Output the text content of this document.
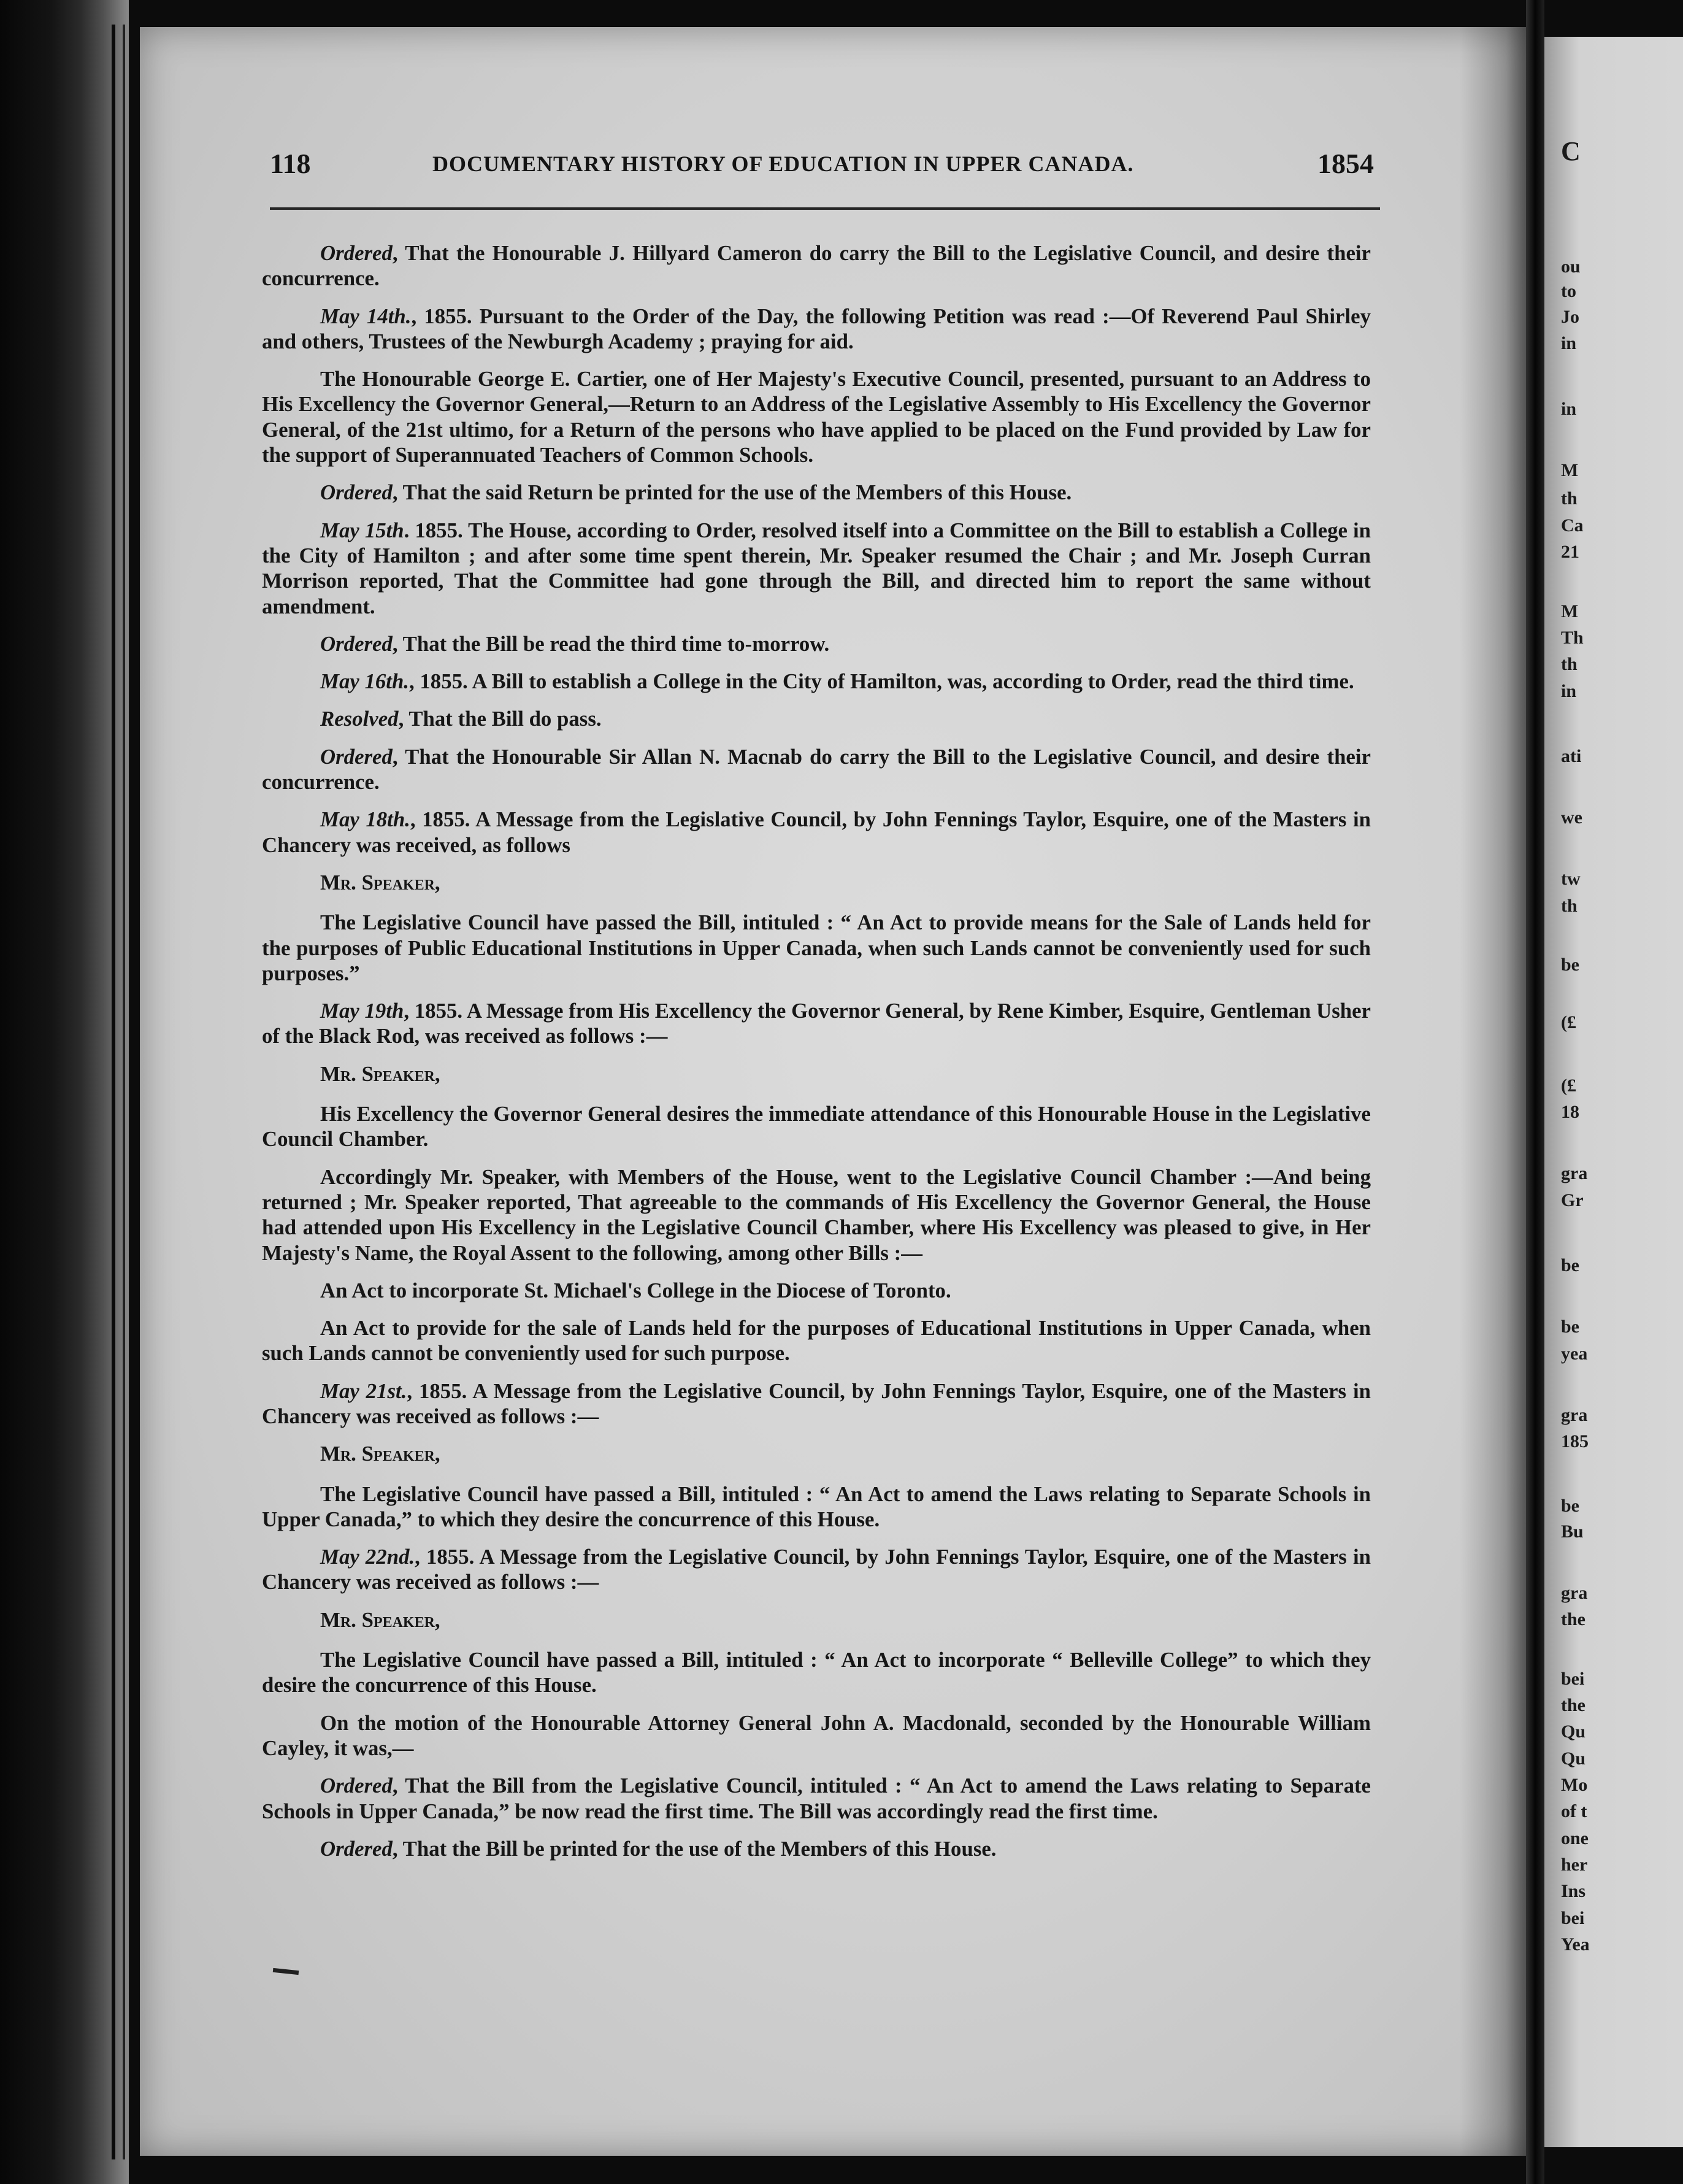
C

ou

to

Jo

in

in

M

th

Ca

21

M

Th

th

in

ati

we

tw

th

be

(£

(£

18

gra

Gr

be

be

yea

gra

185

be

Bu

gra

the

bei

the

Qu

Qu

Mo

of t

one

her

Ins

bei

Yea

118	DOCUMENTARY HISTORY OF EDUCATION IN UPPER CANADA.	1854

Ordered, That the Honourable J. Hillyard Cameron do carry the Bill to the Legislative Council, and desire their concurrence.

May 14th., 1855. Pursuant to the Order of the Day, the following Petition was read :—Of Reverend Paul Shirley and others, Trustees of the Newburgh Academy ; praying for aid.

The Honourable George E. Cartier, one of Her Majesty's Executive Council, presented, pursuant to an Address to His Excellency the Governor General,—Return to an Address of the Legislative Assembly to His Excellency the Governor General, of the 21st ultimo, for a Return of the persons who have applied to be placed on the Fund provided by Law for the support of Superannuated Teachers of Common Schools.

Ordered, That the said Return be printed for the use of the Members of this House.

May 15th. 1855. The House, according to Order, resolved itself into a Committee on the Bill to establish a College in the City of Hamilton ; and after some time spent therein, Mr. Speaker resumed the Chair ; and Mr. Joseph Curran Morrison reported, That the Committee had gone through the Bill, and directed him to report the same without amendment.

Ordered, That the Bill be read the third time to-morrow.

May 16th., 1855. A Bill to establish a College in the City of Hamilton, was, according to Order, read the third time.

Resolved, That the Bill do pass.

Ordered, That the Honourable Sir Allan N. Macnab do carry the Bill to the Legislative Council, and desire their concurrence.

May 18th., 1855. A Message from the Legislative Council, by John Fennings Taylor, Esquire, one of the Masters in Chancery was received, as follows

Mr. Speaker,

The Legislative Council have passed the Bill, intituled : “ An Act to provide means for the Sale of Lands held for the purposes of Public Educational Institutions in Upper Canada, when such Lands cannot be conveniently used for such purposes.”

May 19th, 1855. A Message from His Excellency the Governor General, by Rene Kimber, Esquire, Gentleman Usher of the Black Rod, was received as follows :—

Mr. Speaker,

His Excellency the Governor General desires the immediate attendance of this Honourable House in the Legislative Council Chamber.

Accordingly Mr. Speaker, with Members of the House, went to the Legislative Council Chamber :—And being returned ; Mr. Speaker reported, That agreeable to the commands of His Excellency the Governor General, the House had attended upon His Excellency in the Legislative Council Chamber, where His Excellency was pleased to give, in Her Majesty's Name, the Royal Assent to the following, among other Bills :—

An Act to incorporate St. Michael's College in the Diocese of Toronto.

An Act to provide for the sale of Lands held for the purposes of Educational Institutions in Upper Canada, when such Lands cannot be conveniently used for such purpose.

May 21st., 1855. A Message from the Legislative Council, by John Fennings Taylor, Esquire, one of the Masters in Chancery was received as follows :—

Mr. Speaker,

The Legislative Council have passed a Bill, intituled : “ An Act to amend the Laws relating to Separate Schools in Upper Canada,” to which they desire the concurrence of this House.

May 22nd., 1855. A Message from the Legislative Council, by John Fennings Taylor, Esquire, one of the Masters in Chancery was received as follows :—

Mr. Speaker,

The Legislative Council have passed a Bill, intituled : “ An Act to incorporate “ Belleville College” to which they desire the concurrence of this House.

On the motion of the Honourable Attorney General John A. Macdonald, seconded by the Honourable William Cayley, it was,—

Ordered, That the Bill from the Legislative Council, intituled : “ An Act to amend the Laws relating to Separate Schools in Upper Canada,” be now read the first time. The Bill was accordingly read the first time.

Ordered, That the Bill be printed for the use of the Members of this House.
